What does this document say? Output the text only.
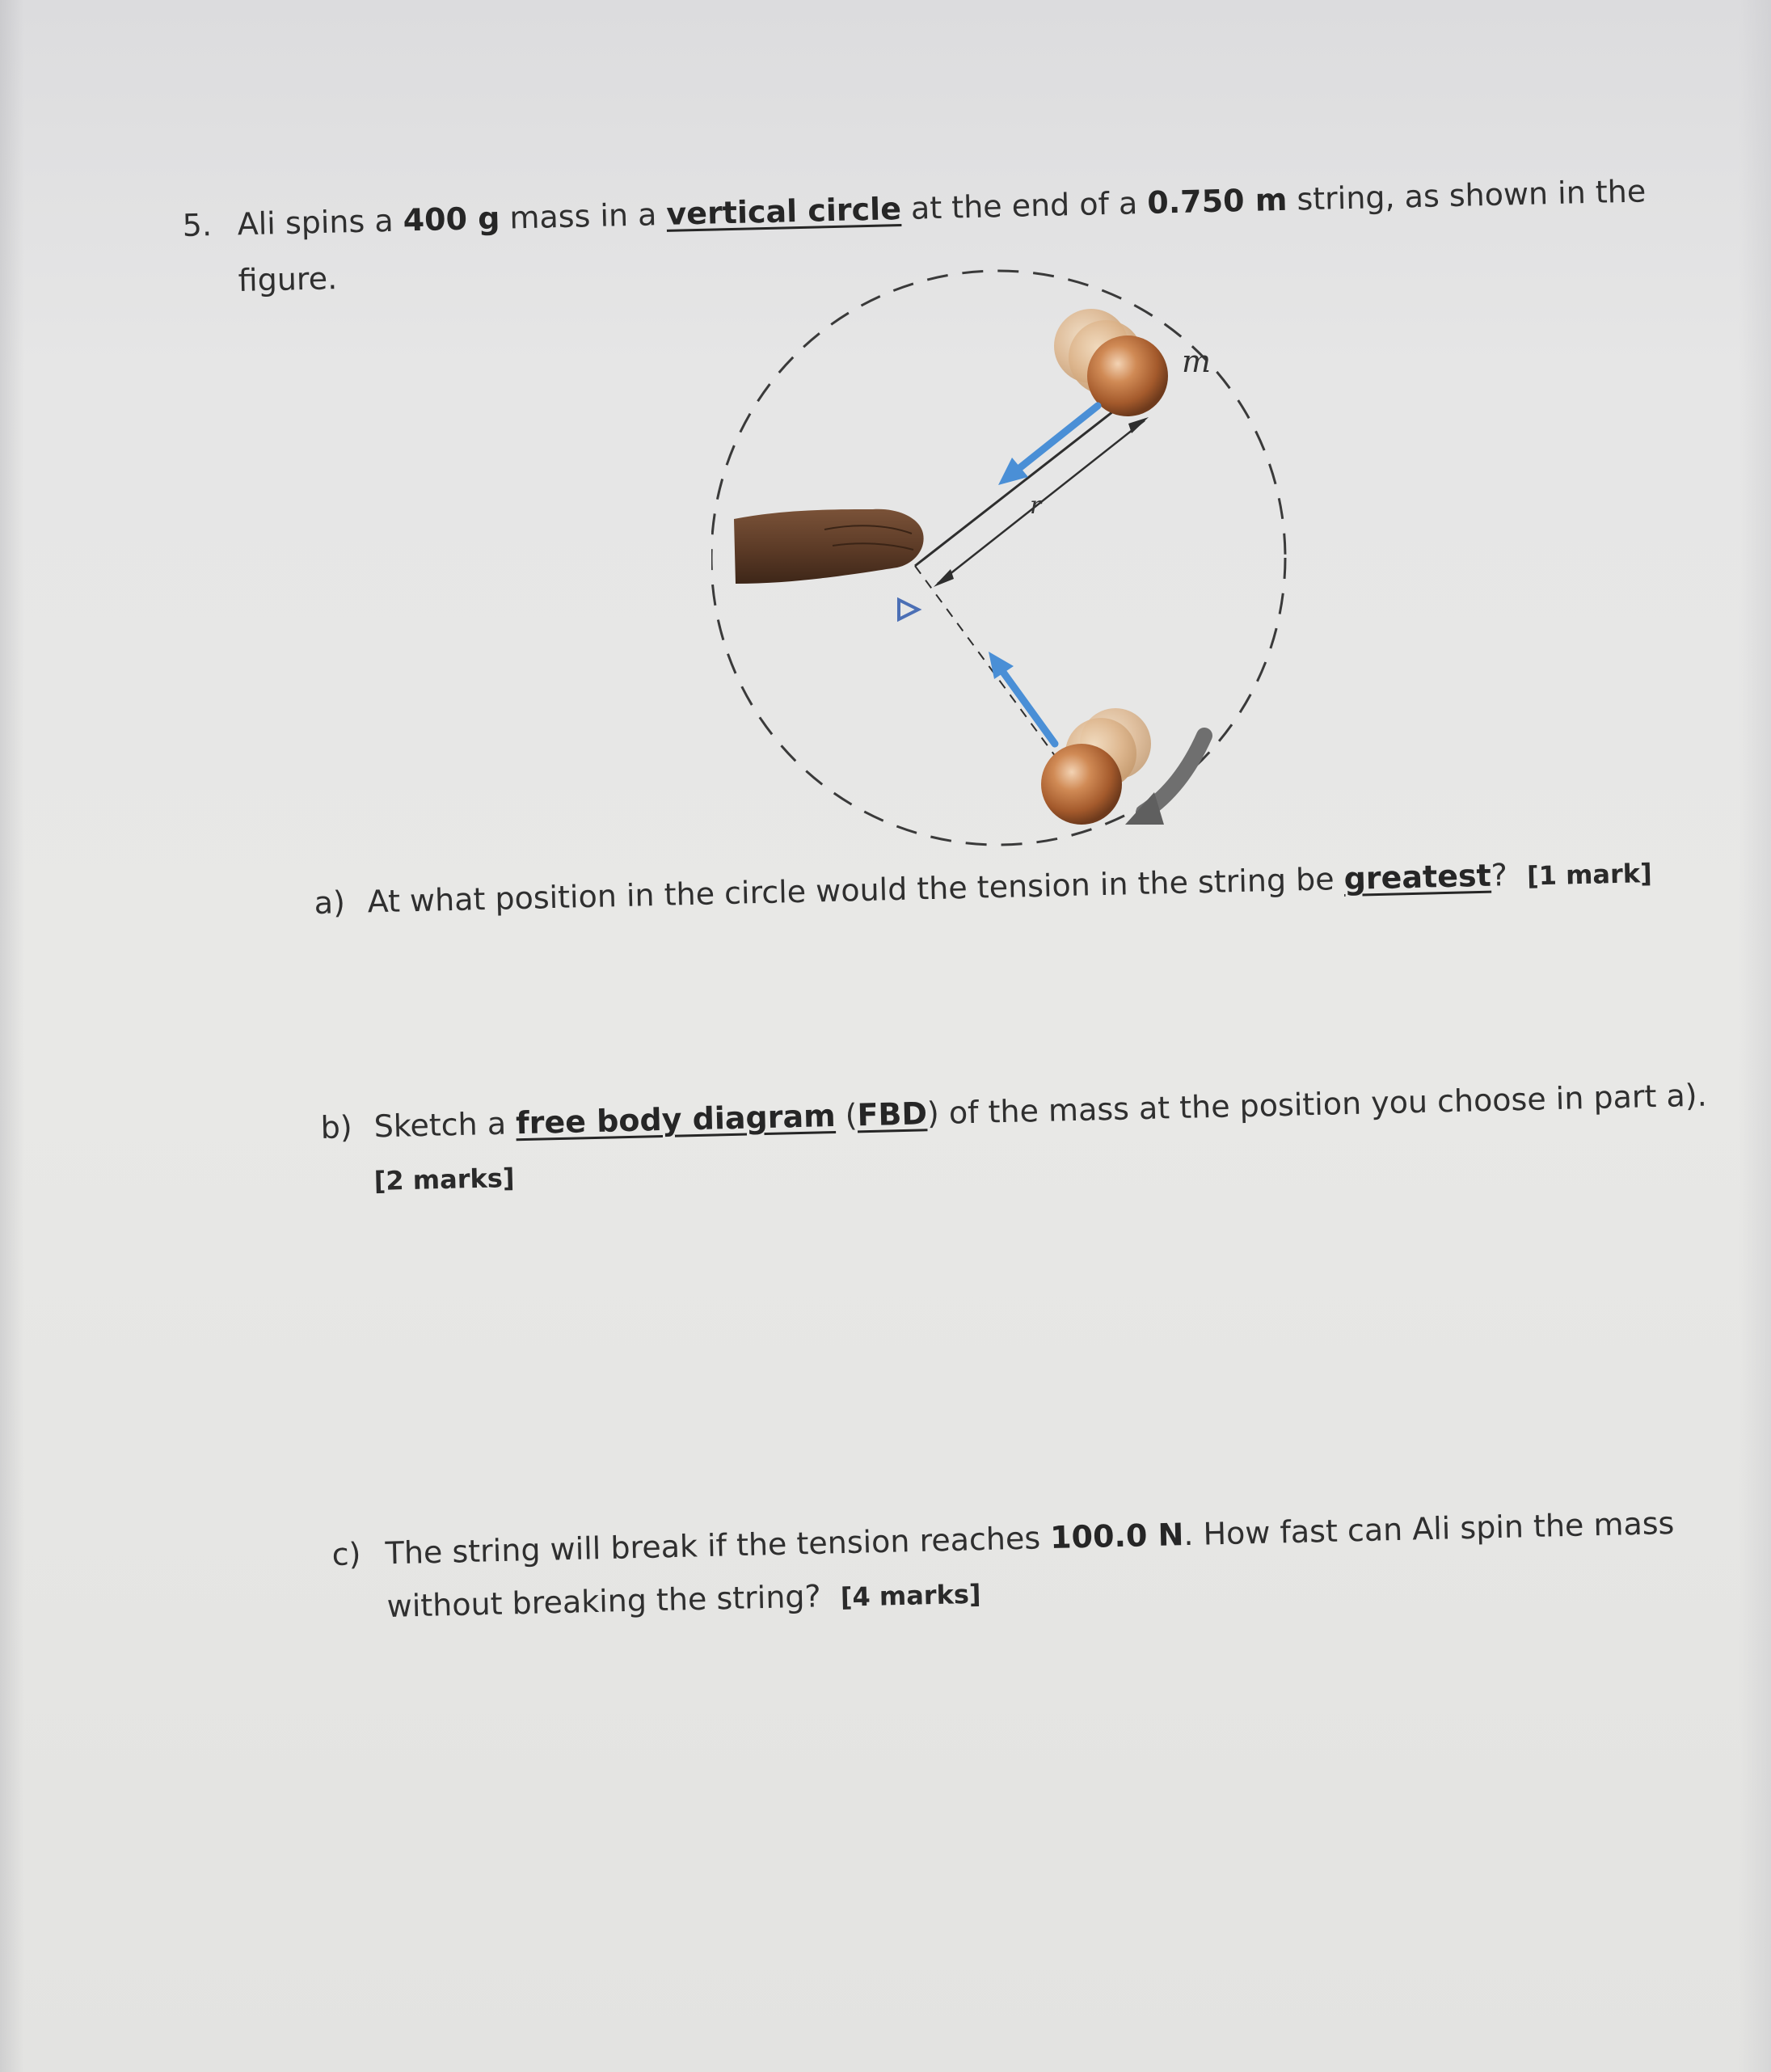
5. Ali spins a 400 g mass in a vertical circle at the end of a 0.750 m string, as shown in the
figure.
m
r
a) At what position in the circle would the tension in the string be greatest? [1 mark]
b) Sketch a free body diagram (FBD) of the mass at the position you choose in part a).
[2 marks]
c) The string will break if the tension reaches 100.0 N. How fast can Ali spin the mass
without breaking the string? [4 marks]
